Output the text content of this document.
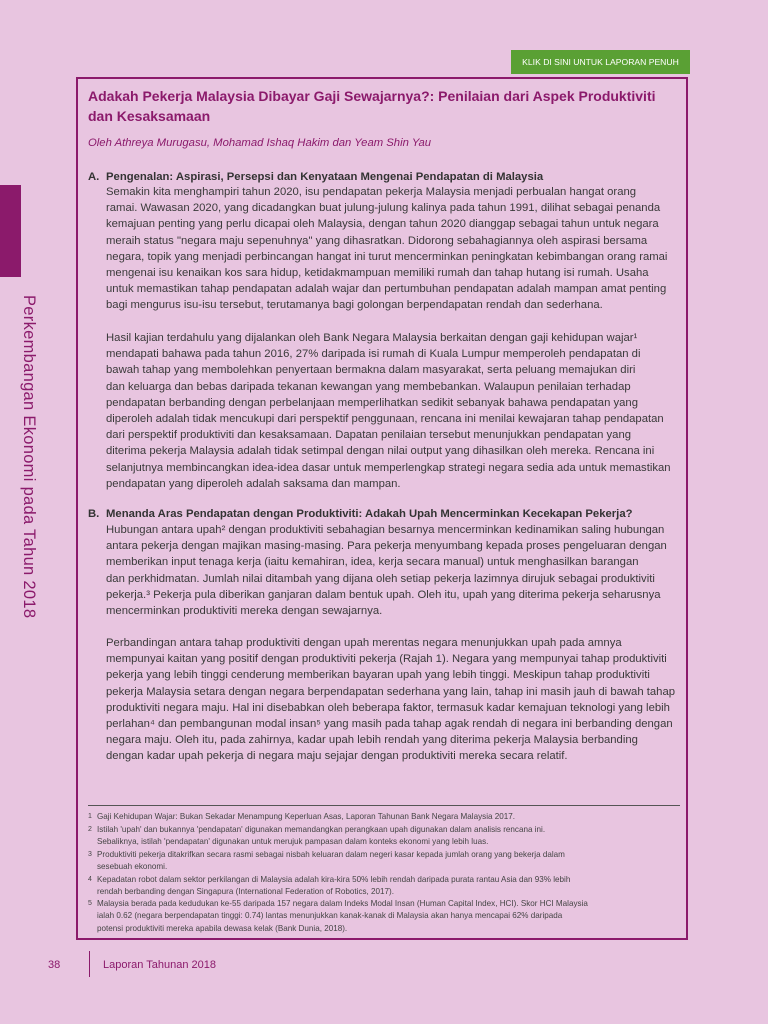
Perkembangan Ekonomi pada Tahun 2018
KLIK DI SINI UNTUK LAPORAN PENUH
Adakah Pekerja Malaysia Dibayar Gaji Sewajarnya?: Penilaian dari Aspek Produktiviti
dan Kesaksamaan
Oleh Athreya Murugasu, Mohamad Ishaq Hakim dan Yeam Shin Yau
A. Pengenalan: Aspirasi, Persepsi dan Kenyataan Mengenai Pendapatan di Malaysia
Semakin kita menghampiri tahun 2020, isu pendapatan pekerja Malaysia menjadi perbualan hangat orang
ramai. Wawasan 2020, yang dicadangkan buat julung-julung kalinya pada tahun 1991, dilihat sebagai penanda
kemajuan penting yang perlu dicapai oleh Malaysia, dengan tahun 2020 dianggap sebagai tahun untuk negara
meraih status "negara maju sepenuhnya" yang dihasratkan. Didorong sebahagiannya oleh aspirasi bersama
negara, topik yang menjadi perbincangan hangat ini turut mencerminkan peningkatan kebimbangan orang ramai
mengenai isu kenaikan kos sara hidup, ketidakmampuan memiliki rumah dan tahap hutang isi rumah. Usaha
untuk memastikan tahap pendapatan adalah wajar dan pertumbuhan pendapatan adalah mampan amat penting
bagi mengurus isu-isu tersebut, terutamanya bagi golongan berpendapatan rendah dan sederhana.
Hasil kajian terdahulu yang dijalankan oleh Bank Negara Malaysia berkaitan dengan gaji kehidupan wajar¹
mendapati bahawa pada tahun 2016, 27% daripada isi rumah di Kuala Lumpur memperoleh pendapatan di
bawah tahap yang membolehkan penyertaan bermakna dalam masyarakat, serta peluang memajukan diri
dan keluarga dan bebas daripada tekanan kewangan yang membebankan. Walaupun penilaian terhadap
pendapatan berbanding dengan perbelanjaan memperlihatkan sedikit sebanyak bahawa pendapatan yang
diperoleh adalah tidak mencukupi dari perspektif penggunaan, rencana ini menilai kewajaran tahap pendapatan
dari perspektif produktiviti dan kesaksamaan. Dapatan penilaian tersebut menunjukkan pendapatan yang
diterima pekerja Malaysia adalah tidak setimpal dengan nilai output yang dihasilkan oleh mereka. Rencana ini
selanjutnya membincangkan idea-idea dasar untuk memperlengkap strategi negara sedia ada untuk memastikan
pendapatan yang diperoleh adalah saksama dan mampan.
B. Menanda Aras Pendapatan dengan Produktiviti: Adakah Upah Mencerminkan Kecekapan Pekerja?
Hubungan antara upah² dengan produktiviti sebahagian besarnya mencerminkan kedinamikan saling hubungan
antara pekerja dengan majikan masing-masing. Para pekerja menyumbang kepada proses pengeluaran dengan
memberikan input tenaga kerja (iaitu kemahiran, idea, kerja secara manual) untuk menghasilkan barangan
dan perkhidmatan. Jumlah nilai ditambah yang dijana oleh setiap pekerja lazimnya dirujuk sebagai produktiviti
pekerja.³ Pekerja pula diberikan ganjaran dalam bentuk upah. Oleh itu, upah yang diterima pekerja seharusnya
mencerminkan produktiviti mereka dengan sewajarnya.
Perbandingan antara tahap produktiviti dengan upah merentas negara menunjukkan upah pada amnya
mempunyai kaitan yang positif dengan produktiviti pekerja (Rajah 1). Negara yang mempunyai tahap produktiviti
pekerja yang lebih tinggi cenderung memberikan bayaran upah yang lebih tinggi. Meskipun tahap produktiviti
pekerja Malaysia setara dengan negara berpendapatan sederhana yang lain, tahap ini masih jauh di bawah tahap
produktiviti negara maju. Hal ini disebabkan oleh beberapa faktor, termasuk kadar kemajuan teknologi yang lebih
perlahan⁴ dan pembangunan modal insan⁵ yang masih pada tahap agak rendah di negara ini berbanding dengan
negara maju. Oleh itu, pada zahirnya, kadar upah lebih rendah yang diterima pekerja Malaysia berbanding
dengan kadar upah pekerja di negara maju sejajar dengan produktiviti mereka secara relatif.
1 Gaji Kehidupan Wajar: Bukan Sekadar Menampung Keperluan Asas, Laporan Tahunan Bank Negara Malaysia 2017.
2 Istilah 'upah' dan bukannya 'pendapatan' digunakan memandangkan perangkaan upah digunakan dalam analisis rencana ini.
Sebaliknya, istilah 'pendapatan' digunakan untuk merujuk pampasan dalam konteks ekonomi yang lebih luas.
3 Produktiviti pekerja ditakrifkan secara rasmi sebagai nisbah keluaran dalam negeri kasar kepada jumlah orang yang bekerja dalam
sesebuah ekonomi.
4 Kepadatan robot dalam sektor perkilangan di Malaysia adalah kira-kira 50% lebih rendah daripada purata rantau Asia dan 93% lebih
rendah berbanding dengan Singapura (International Federation of Robotics, 2017).
5 Malaysia berada pada kedudukan ke-55 daripada 157 negara dalam Indeks Modal Insan (Human Capital Index, HCI). Skor HCI Malaysia
ialah 0.62 (negara berpendapatan tinggi: 0.74) lantas menunjukkan kanak-kanak di Malaysia akan hanya mencapai 62% daripada
potensi produktiviti mereka apabila dewasa kelak (Bank Dunia, 2018).
38	Laporan Tahunan 2018
